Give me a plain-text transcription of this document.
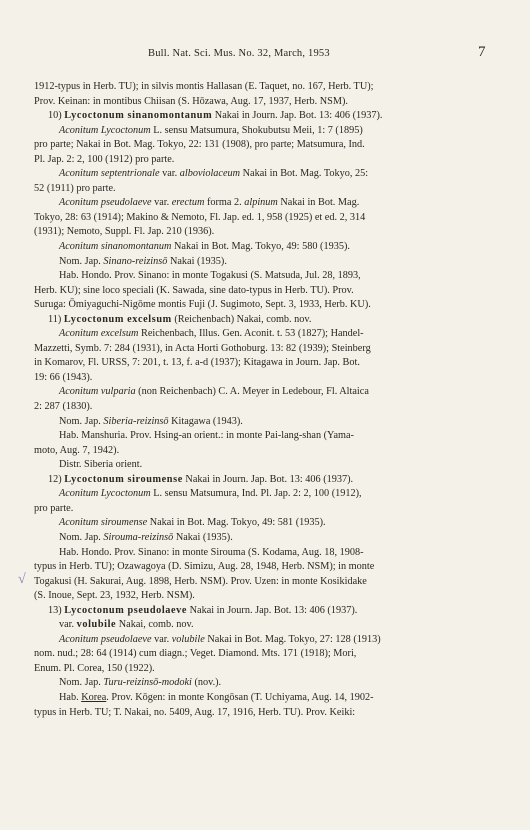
Bull. Nat. Sci. Mus. No. 32, March, 1953	7
1912-typus in Herb. TU); in silvis montis Hallasan (E. Taquet, no. 167, Herb. TU);
Prov. Keinan: in montibus Chiisan (S. Hōzawa, Aug. 17, 1937, Herb. NSM).
10) Lycoctonum sinanomontanum Nakai in Journ. Jap. Bot. 13: 406 (1937).
Aconitum Lycoctonum L. sensu Matsumura, Shokubutsu Meii, 1: 7 (1895)
pro parte; Nakai in Bot. Mag. Tokyo, 22: 131 (1908), pro parte; Matsumura, Ind.
Pl. Jap. 2: 2, 100 (1912) pro parte.
Aconitum septentrionale var. alboviolaceum Nakai in Bot. Mag. Tokyo, 25:
52 (1911) pro parte.
Aconitum pseudolaeve var. erectum forma 2. alpinum Nakai in Bot. Mag.
Tokyo, 28: 63 (1914); Makino & Nemoto, Fl. Jap. ed. 1, 958 (1925) et ed. 2, 314
(1931); Nemoto, Suppl. Fl. Jap. 210 (1936).
Aconitum sinanomontanum Nakai in Bot. Mag. Tokyo, 49: 580 (1935).
Nom. Jap. Sinano-reizinsō Nakai (1935).
Hab. Hondo. Prov. Sinano: in monte Togakusi (S. Matsuda, Jul. 28, 1893,
Herb. KU); sine loco speciali (K. Sawada, sine dato-typus in Herb. TU). Prov.
Suruga: Ōmiyaguchi-Nigōme montis Fuji (J. Sugimoto, Sept. 3, 1933, Herb. KU).
11) Lycoctonum excelsum (Reichenbach) Nakai, comb. nov.
Aconitum excelsum Reichenbach, Illus. Gen. Aconit. t. 53 (1827); Handel-
Mazzetti, Symb. 7: 284 (1931), in Acta Horti Gothoburg. 13: 82 (1939); Steinberg
in Komarov, Fl. URSS, 7: 201, t. 13, f. a-d (1937); Kitagawa in Journ. Jap. Bot.
19: 66 (1943).
Aconitum vulparia (non Reichenbach) C. A. Meyer in Ledebour, Fl. Altaica
2: 287 (1830).
Nom. Jap. Siberia-reizinsō Kitagawa (1943).
Hab. Manshuria. Prov. Hsing-an orient.: in monte Pai-lang-shan (Yama-
moto, Aug. 7, 1942).
Distr. Siberia orient.
12) Lycoctonum siroumense Nakai in Journ. Jap. Bot. 13: 406 (1937).
Aconitum Lycoctonum L. sensu Matsumura, Ind. Pl. Jap. 2: 2, 100 (1912),
pro parte.
Aconitum siroumense Nakai in Bot. Mag. Tokyo, 49: 581 (1935).
Nom. Jap. Sirouma-reizinsō Nakai (1935).
Hab. Hondo. Prov. Sinano: in monte Sirouma (S. Kodama, Aug. 18, 1908-
typus in Herb. TU); Ozawagoya (D. Simizu, Aug. 28, 1948, Herb. NSM); in monte
Togakusi (H. Sakurai, Aug. 1898, Herb. NSM). Prov. Uzen: in monte Kosikidake
(S. Inoue, Sept. 23, 1932, Herb. NSM).
13) Lycoctonum pseudolaeve Nakai in Journ. Jap. Bot. 13: 406 (1937).
var. volubile Nakai, comb. nov.
Aconitum pseudolaeve var. volubile Nakai in Bot. Mag. Tokyo, 27: 128 (1913)
nom. nud.; 28: 64 (1914) cum diagn.; Veget. Diamond. Mts. 171 (1918); Mori,
Enum. Pl. Corea, 150 (1922).
Nom. Jap. Turu-reizinsō-modoki (nov.).
Hab. Korea. Prov. Kōgen: in monte Kongōsan (T. Uchiyama, Aug. 14, 1902-
typus in Herb. TU; T. Nakai, no. 5409, Aug. 17, 1916, Herb. TU). Prov. Keiki:
√
